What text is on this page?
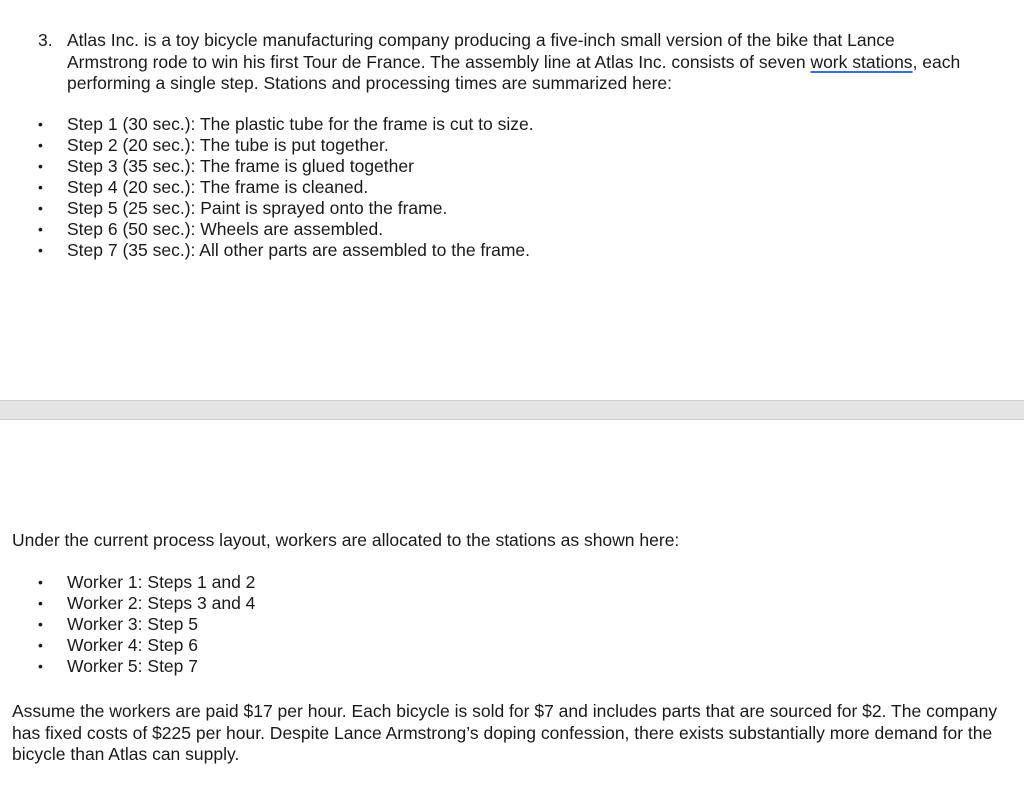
3. Atlas Inc. is a toy bicycle manufacturing company producing a five-inch small version of the bike that Lance Armstrong rode to win his first Tour de France. The assembly line at Atlas Inc. consists of seven work stations, each performing a single step. Stations and processing times are summarized here:
• Step 1 (30 sec.): The plastic tube for the frame is cut to size.
• Step 2 (20 sec.): The tube is put together.
• Step 3 (35 sec.): The frame is glued together
• Step 4 (20 sec.): The frame is cleaned.
• Step 5 (25 sec.): Paint is sprayed onto the frame.
• Step 6 (50 sec.): Wheels are assembled.
• Step 7 (35 sec.): All other parts are assembled to the frame.
Under the current process layout, workers are allocated to the stations as shown here:
• Worker 1: Steps 1 and 2
• Worker 2: Steps 3 and 4
• Worker 3: Step 5
• Worker 4: Step 6
• Worker 5: Step 7
Assume the workers are paid $17 per hour. Each bicycle is sold for $7 and includes parts that are sourced for $2. The company has fixed costs of $225 per hour. Despite Lance Armstrong’s doping confession, there exists substantially more demand for the bicycle than Atlas can supply.
